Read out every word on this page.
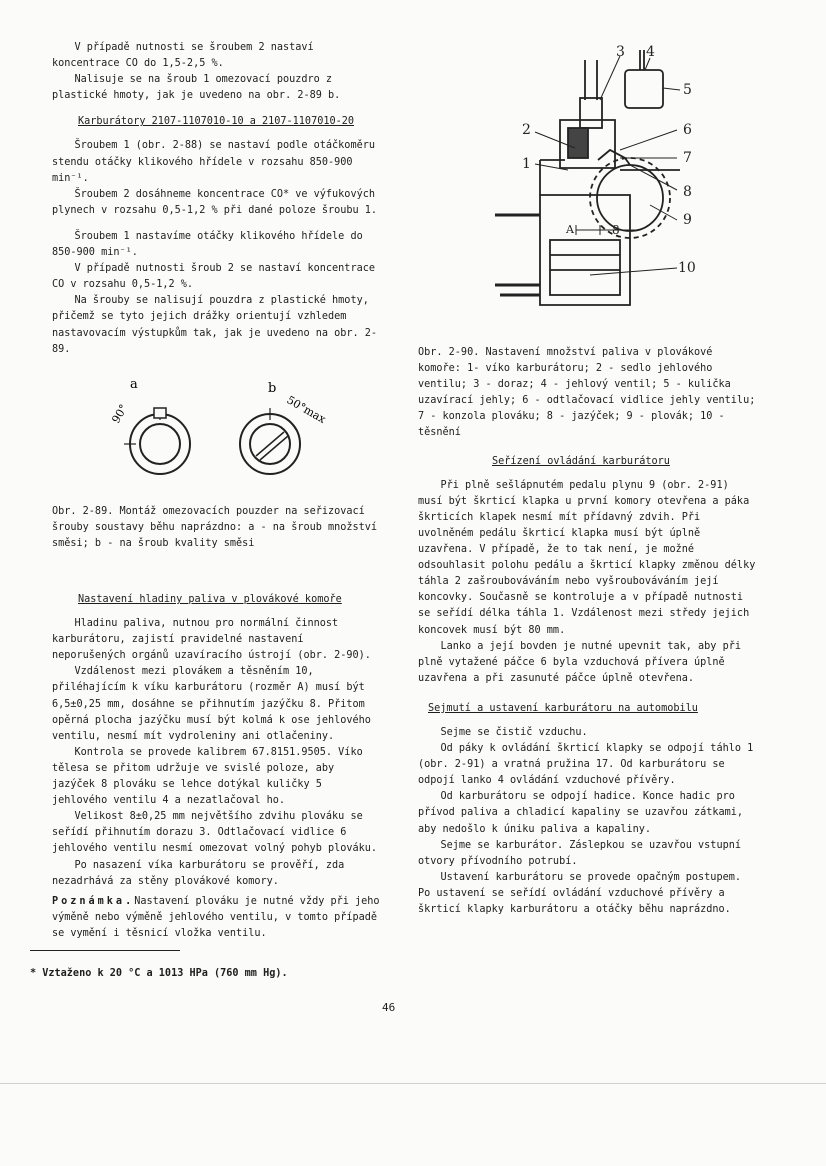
V případě nutnosti se šroubem 2 nastaví koncentrace CO do 1,5-2,5 %.

Nalisuje se na šroub 1 omezovací pouzdro z plastické hmoty, jak je uvedeno na obr. 2-89 b.

Karburátory 2107-1107010-10 a 2107-1107010-20

Šroubem 1 (obr. 2-88) se nastaví podle otáčkoměru stendu otáčky klikového hřídele v rozsahu 850-900 min⁻¹.

Šroubem 2 dosáhneme koncentrace CO* ve výfukových plynech v rozsahu 0,5-1,2 % při dané poloze šroubu 1.

Šroubem 1 nastavíme otáčky klikového hřídele do 850-900 min⁻¹.

V případě nutnosti šroub 2 se nastaví koncentrace CO v rozsahu 0,5-1,2 %.

Na šrouby se nalisují pouzdra z plastické hmoty, přičemž se tyto jejich drážky orientují vzhledem nastavovacím výstupkům tak, jak je uvedeno na obr. 2-89.

a	b
90°	50°max

Obr. 2-89. Montáž omezovacích pouzder na seřizovací šrouby soustavy běhu naprázdno: a - na šroub množství směsi; b - na šroub kvality směsi

Nastavení hladiny paliva v plovákové komoře

Hladinu paliva, nutnou pro normální činnost karburátoru, zajistí pravidelné nastavení neporušených orgánů uzavíracího ústrojí (obr. 2-90).

Vzdálenost mezi plovákem a těsněním 10, přiléhajícím k víku karburátoru (rozměr A) musí být 6,5±0,25 mm, dosáhne se přihnutím jazýčku 8. Přitom opěrná plocha jazýčku musí být kolmá k ose jehlového ventilu, nesmí mít vydroleniny ani otlačeniny.

Kontrola se provede kalibrem 67.8151.9505. Víko tělesa se přitom udržuje ve svislé poloze, aby jazýček 8 plováku se lehce dotýkal kuličky 5 jehlového ventilu 4 a nezatlačoval ho.

Velikost 8±0,25 mm největšího zdvihu plováku se seřídí přihnutím dorazu 3. Odtlačovací vidlice 6 jehlového ventilu nesmí omezovat volný pohyb plováku.

Po nasazení víka karburátoru se prověří, zda nezadrhává za stěny plovákové komory.

Poznámka.Nastavení plováku je nutné vždy při jeho výměně nebo výměně jehlového ventilu, v tomto případě se vymění i těsnicí vložka ventilu.

3 4
5
2	6
1	7
8
9
A	8
10

Obr. 2-90. Nastavení množství paliva v plovákové komoře: 1- víko karburátoru; 2 - sedlo jehlového ventilu; 3 - doraz; 4 - jehlový ventil; 5 - kulička uzavírací jehly; 6 - odtlačovací vidlice jehly ventilu; 7 - konzola plováku; 8 - jazýček; 9 - plovák; 10 - těsnění

Seřízení ovládání karburátoru

Při plně sešlápnutém pedalu plynu 9 (obr. 2-91) musí být škrticí klapka u první komory otevřena a páka škrticích klapek nesmí mít přídavný zdvih. Při uvolněném pedálu škrticí klapka musí být úplně uzavřena. V případě, že to tak není, je možné odsouhlasit polohu pedálu a škrticí klapky změnou délky táhla 2 zašroubováváním nebo vyšroubováváním její koncovky. Současně se kontroluje a v případě nutnosti se seřídí délka táhla 1. Vzdálenost mezi středy jejich koncovek musí být 80 mm.

Lanko a její bovden je nutné upevnit tak, aby při plně vytažené páčce 6 byla vzduchová přívera úplně uzavřena a při zasunuté páčce úplně otevřena.

Sejmutí a ustavení karburátoru na automobilu

Sejme se čistič vzduchu.

Od páky k ovládání škrticí klapky se odpojí táhlo 1 (obr. 2-91) a vratná pružina 17. Od karburátoru se odpojí lanko 4 ovládání vzduchové přívěry.

Od karburátoru se odpojí hadice. Konce hadic pro přívod paliva a chladicí kapaliny se uzavřou zátkami, aby nedošlo k úniku paliva a kapaliny.

Sejme se karburátor. Záslepkou se uzavřou vstupní otvory přívodního potrubí.

Ustavení karburátoru se provede opačným postupem. Po ustavení se seřídí ovládání vzduchové přívěry a škrticí klapky karburátoru a otáčky běhu naprázdno.

* Vztaženo k 20 °C a 1013 HPa (760 mm Hg).
46
